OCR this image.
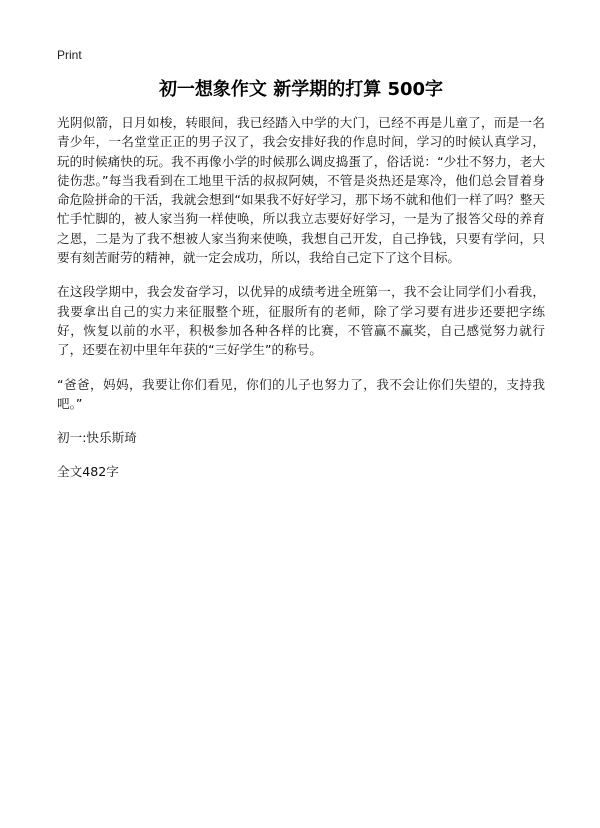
Print
初一想象作文 新学期的打算 500字

光阴似箭，日月如梭，转眼间，我已经踏入中学的大门，已经不再是儿童了，而是一名青少年，一名堂堂正正的男子汉了，我会安排好我的作息时间，学习的时候认真学习，玩的时候痛快的玩。我不再像小学的时候那么调皮捣蛋了，俗话说：“少壮不努力，老大徒伤悲。”每当我看到在工地里干活的叔叔阿姨，不管是炎热还是寒冷，他们总会冒着身命危险拼命的干活，我就会想到“如果我不好好学习，那下场不就和他们一样了吗？整天忙手忙脚的，被人家当狗一样使唤，所以我立志要好好学习，一是为了报答父母的养育之恩，二是为了我不想被人家当狗来使唤，我想自己开发，自己挣钱，只要有学问，只要有刻苦耐劳的精神，就一定会成功，所以，我给自己定下了这个目标。

在这段学期中，我会发奋学习，以优异的成绩考进全班第一，我不会让同学们小看我，我要拿出自己的实力来征服整个班，征服所有的老师，除了学习要有进步还要把字练好，恢复以前的水平，积极参加各种各样的比赛，不管赢不赢奖，自己感觉努力就行了，还要在初中里年年获的“三好学生”的称号。

“爸爸，妈妈，我要让你们看见，你们的儿子也努力了，我不会让你们失望的，支持我吧。”

初一:快乐斯琦

全文482字
